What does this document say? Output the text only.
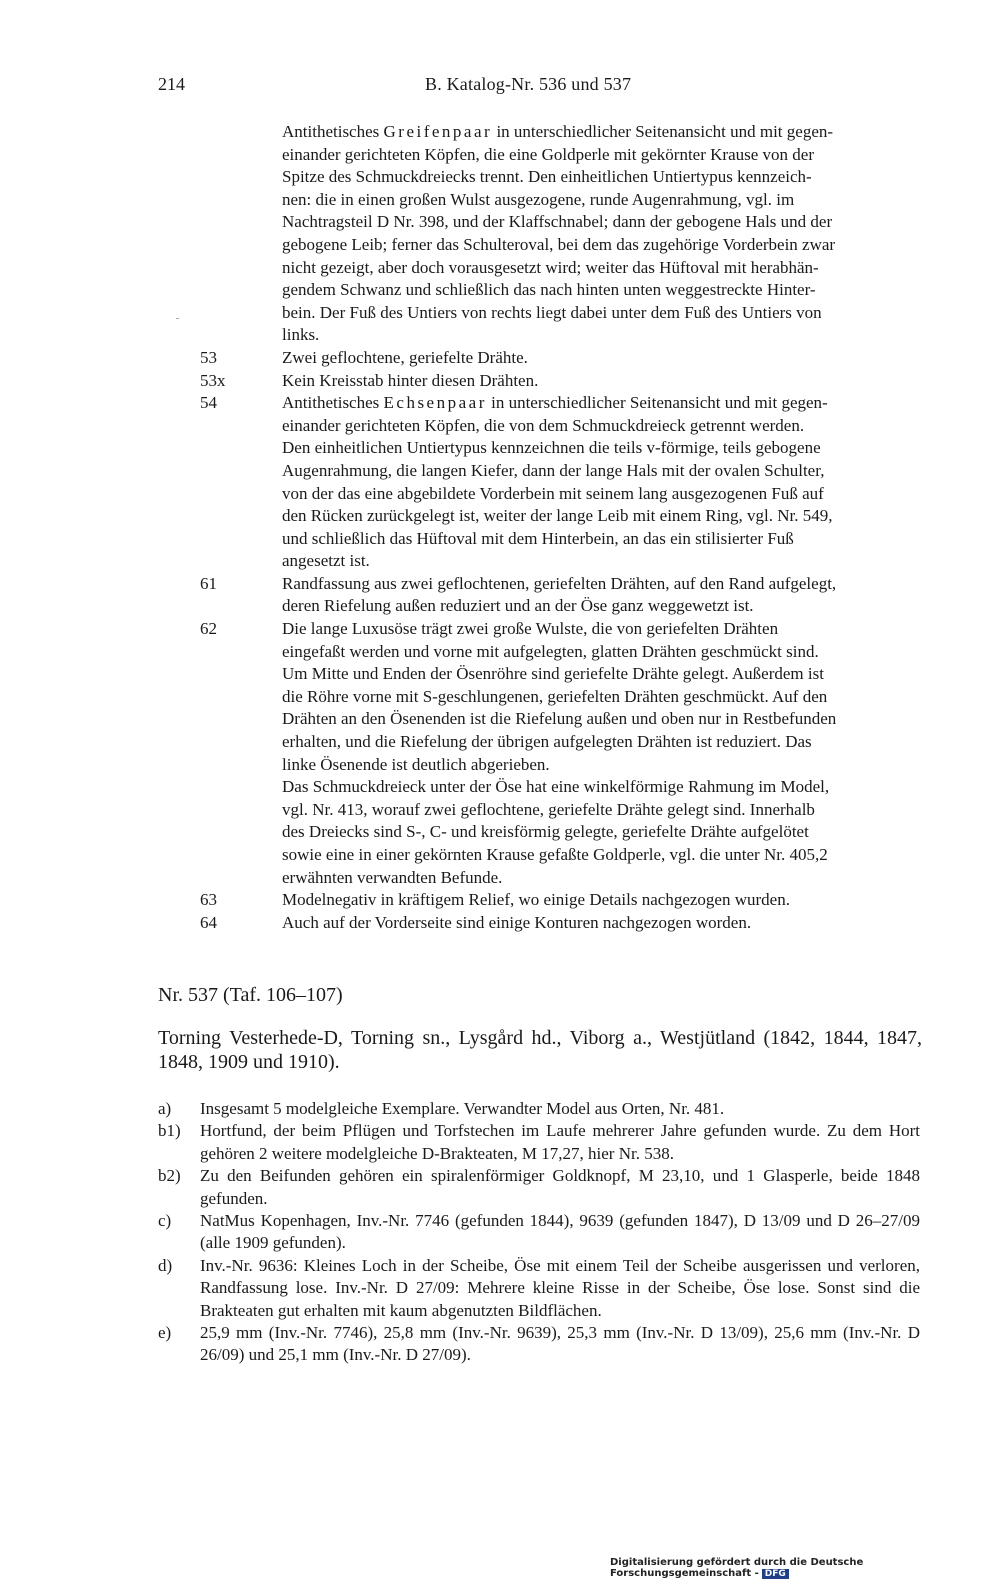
214	B. Katalog-Nr. 536 und 537
Antithetisches Greifenpaar in unterschiedlicher Seitenansicht und mit gegen-
einander gerichteten Köpfen, die eine Goldperle mit gekörnter Krause von der
Spitze des Schmuckdreiecks trennt. Den einheitlichen Untiertypus kennzeich-
nen: die in einen großen Wulst ausgezogene, runde Augenrahmung, vgl. im
Nachtragsteil D Nr. 398, und der Klaffschnabel; dann der gebogene Hals und der
gebogene Leib; ferner das Schulteroval, bei dem das zugehörige Vorderbein zwar
nicht gezeigt, aber doch vorausgesetzt wird; weiter das Hüftoval mit herabhän-
gendem Schwanz und schließlich das nach hinten unten weggestreckte Hinter-
bein. Der Fuß des Untiers von rechts liegt dabei unter dem Fuß des Untiers von
links.
53	Zwei geflochtene, geriefelte Drähte.
53x	Kein Kreisstab hinter diesen Drähten.
54	Antithetisches Echsenpaar in unterschiedlicher Seitenansicht und mit gegen-
einander gerichteten Köpfen, die von dem Schmuckdreieck getrennt werden.
Den einheitlichen Untiertypus kennzeichnen die teils v-förmige, teils gebogene
Augenrahmung, die langen Kiefer, dann der lange Hals mit der ovalen Schulter,
von der das eine abgebildete Vorderbein mit seinem lang ausgezogenen Fuß auf
den Rücken zurückgelegt ist, weiter der lange Leib mit einem Ring, vgl. Nr. 549,
und schließlich das Hüftoval mit dem Hinterbein, an das ein stilisierter Fuß
angesetzt ist.
61	Randfassung aus zwei geflochtenen, geriefelten Drähten, auf den Rand aufgelegt,
deren Riefelung außen reduziert und an der Öse ganz weggewetzt ist.
62	Die lange Luxusöse trägt zwei große Wulste, die von geriefelten Drähten
eingefaßt werden und vorne mit aufgelegten, glatten Drähten geschmückt sind.
Um Mitte und Enden der Ösenröhre sind geriefelte Drähte gelegt. Außerdem ist
die Röhre vorne mit S-geschlungenen, geriefelten Drähten geschmückt. Auf den
Drähten an den Ösenenden ist die Riefelung außen und oben nur in Restbefunden
erhalten, und die Riefelung der übrigen aufgelegten Drähten ist reduziert. Das
linke Ösenende ist deutlich abgerieben.
Das Schmuckdreieck unter der Öse hat eine winkelförmige Rahmung im Model,
vgl. Nr. 413, worauf zwei geflochtene, geriefelte Drähte gelegt sind. Innerhalb
des Dreiecks sind S-, C- und kreisförmig gelegte, geriefelte Drähte aufgelötet
sowie eine in einer gekörnten Krause gefaßte Goldperle, vgl. die unter Nr. 405,2
erwähnten verwandten Befunde.
63	Modelnegativ in kräftigem Relief, wo einige Details nachgezogen wurden.
64	Auch auf der Vorderseite sind einige Konturen nachgezogen worden.
Nr. 537 (Taf. 106–107)
Torning Vesterhede-D, Torning sn., Lysgård hd., Viborg a., Westjütland (1842, 1844, 1847, 1848, 1909 und 1910).
a) Insgesamt 5 modelgleiche Exemplare. Verwandter Model aus Orten, Nr. 481.
b1) Hortfund, der beim Pflügen und Torfstechen im Laufe mehrerer Jahre gefunden wurde. Zu dem Hort gehören 2 weitere modelgleiche D-Brakteaten, M 17,27, hier Nr. 538.
b2) Zu den Beifunden gehören ein spiralenförmiger Goldknopf, M 23,10, und 1 Glasperle, beide 1848 gefunden.
c) NatMus Kopenhagen, Inv.-Nr. 7746 (gefunden 1844), 9639 (gefunden 1847), D 13/09 und D 26–27/09 (alle 1909 gefunden).
d) Inv.-Nr. 9636: Kleines Loch in der Scheibe, Öse mit einem Teil der Scheibe ausgerissen und verloren, Randfassung lose. Inv.-Nr. D 27/09: Mehrere kleine Risse in der Scheibe, Öse lose. Sonst sind die Brakteaten gut erhalten mit kaum abgenutzten Bildflächen.
e) 25,9 mm (Inv.-Nr. 7746), 25,8 mm (Inv.-Nr. 9639), 25,3 mm (Inv.-Nr. D 13/09), 25,6 mm (Inv.-Nr. D 26/09) und 25,1 mm (Inv.-Nr. D 27/09).
Digitalisierung gefördert durch die Deutsche Forschungsgemeinschaft - DFG
